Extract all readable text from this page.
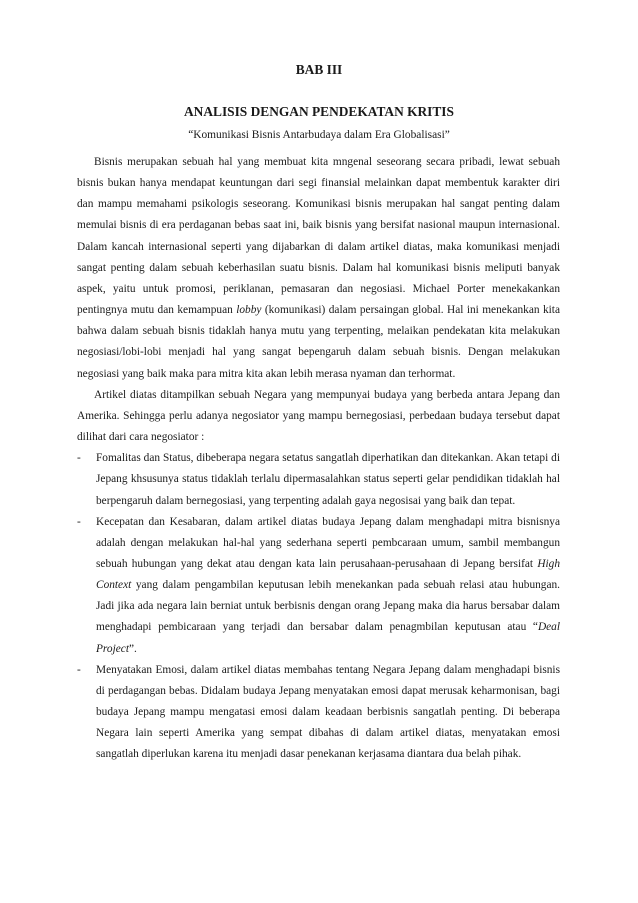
BAB III
ANALISIS DENGAN PENDEKATAN KRITIS
“Komunikasi Bisnis Antarbudaya dalam Era Globalisasi”

Bisnis merupakan sebuah hal yang membuat kita mngenal seseorang secara pribadi, lewat sebuah bisnis bukan hanya mendapat keuntungan dari segi finansial melainkan dapat membentuk karakter diri dan mampu memahami psikologis seseorang. Komunikasi bisnis merupakan hal sangat penting dalam memulai bisnis di era perdaganan bebas saat ini, baik bisnis yang bersifat nasional maupun internasional. Dalam kancah internasional seperti yang dijabarkan di dalam artikel diatas, maka komunikasi menjadi sangat penting dalam sebuah keberhasilan suatu bisnis. Dalam hal komunikasi bisnis meliputi banyak aspek, yaitu untuk promosi, periklanan, pemasaran dan negosiasi. Michael Porter menekakankan pentingnya mutu dan kemampuan lobby (komunikasi) dalam persaingan global. Hal ini menekankan kita bahwa dalam sebuah bisnis tidaklah hanya mutu yang terpenting, melaikan pendekatan kita melakukan negosiasi/lobi-lobi menjadi hal yang sangat bepengaruh dalam sebuah bisnis. Dengan melakukan negosiasi yang baik maka para mitra kita akan lebih merasa nyaman dan terhormat.

Artikel diatas ditampilkan sebuah Negara yang mempunyai budaya yang berbeda antara Jepang dan Amerika. Sehingga perlu adanya negosiator yang mampu bernegosiasi, perbedaan budaya tersebut dapat dilihat dari cara negosiator :

- Fomalitas dan Status, dibeberapa negara setatus sangatlah diperhatikan dan ditekankan. Akan tetapi di Jepang khsusunya status tidaklah terlalu dipermasalahkan status seperti gelar pendidikan tidaklah hal berpengaruh dalam bernegosiasi, yang terpenting adalah gaya negosisai yang baik dan tepat.
- Kecepatan dan Kesabaran, dalam artikel diatas budaya Jepang dalam menghadapi mitra bisnisnya adalah dengan melakukan hal-hal yang sederhana seperti pembcaraan umum, sambil membangun sebuah hubungan yang dekat atau dengan kata lain perusahaan-perusahaan di Jepang bersifat High Context yang dalam pengambilan keputusan lebih menekankan pada sebuah relasi atau hubungan. Jadi jika ada negara lain berniat untuk berbisnis dengan orang Jepang maka dia harus bersabar dalam menghadapi pembicaraan yang terjadi dan bersabar dalam penagmbilan keputusan atau “Deal Project”.
- Menyatakan Emosi, dalam artikel diatas membahas tentang Negara Jepang dalam menghadapi bisnis di perdagangan bebas. Didalam budaya Jepang menyatakan emosi dapat merusak keharmonisan, bagi budaya Jepang mampu mengatasi emosi dalam keadaan berbisnis sangatlah penting. Di beberapa Negara lain seperti Amerika yang sempat dibahas di dalam artikel diatas, menyatakan emosi sangatlah diperlukan karena itu menjadi dasar penekanan kerjasama diantara dua belah pihak.
